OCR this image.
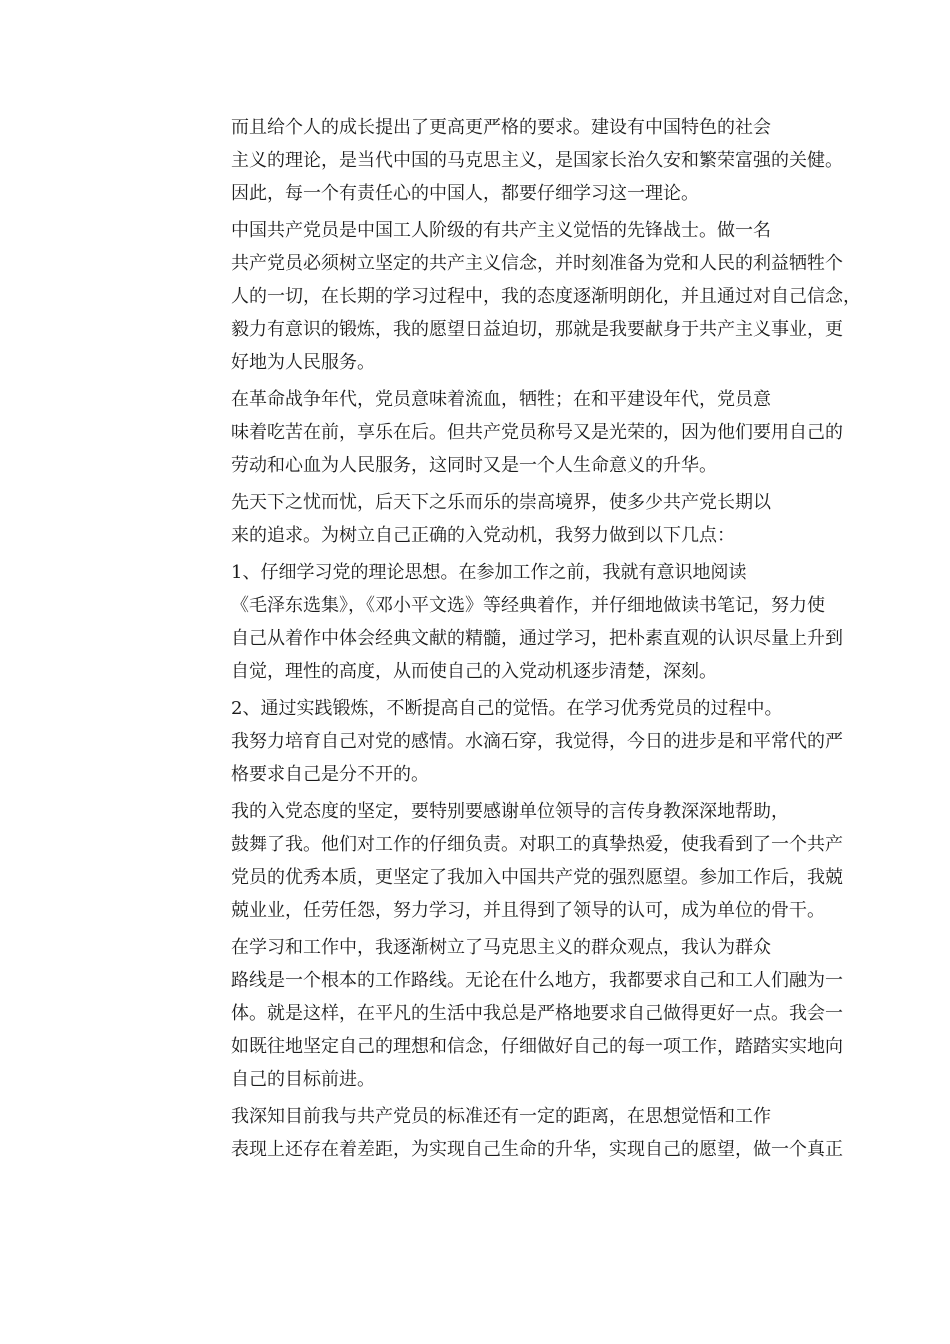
而且给个人的成长提出了更高更严格的要求。建设有中国特色的社会
主义的理论，是当代中国的马克思主义，是国家长治久安和繁荣富强的关健。
因此，每一个有责任心的中国人，都要仔细学习这一理论。
中国共产党员是中国工人阶级的有共产主义觉悟的先锋战士。做一名
共产党员必须树立坚定的共产主义信念，并时刻准备为党和人民的利益牺牲个
人的一切，在长期的学习过程中，我的态度逐渐明朗化，并且通过对自己信念，
毅力有意识的锻炼，我的愿望日益迫切，那就是我要献身于共产主义事业，更
好地为人民服务。
在革命战争年代，党员意味着流血，牺牲；在和平建设年代，党员意
味着吃苦在前，享乐在后。但共产党员称号又是光荣的，因为他们要用自己的
劳动和心血为人民服务，这同时又是一个人生命意义的升华。
先天下之忧而忧，后天下之乐而乐的崇高境界，使多少共产党长期以
来的追求。为树立自己正确的入党动机，我努力做到以下几点：
1、仔细学习党的理论思想。在参加工作之前，我就有意识地阅读
《毛泽东选集》，《邓小平文选》等经典着作，并仔细地做读书笔记，努力使
自己从着作中体会经典文献的精髓，通过学习，把朴素直观的认识尽量上升到
自觉，理性的高度，从而使自己的入党动机逐步清楚，深刻。
2、通过实践锻炼，不断提高自己的觉悟。在学习优秀党员的过程中。
我努力培育自己对党的感情。水滴石穿，我觉得，今日的进步是和平常代的严
格要求自己是分不开的。
我的入党态度的坚定，要特别要感谢单位领导的言传身教深深地帮助，
鼓舞了我。他们对工作的仔细负责。对职工的真挚热爱，使我看到了一个共产
党员的优秀本质，更坚定了我加入中国共产党的强烈愿望。参加工作后，我兢
兢业业，任劳任怨，努力学习，并且得到了领导的认可，成为单位的骨干。
在学习和工作中，我逐渐树立了马克思主义的群众观点，我认为群众
路线是一个根本的工作路线。无论在什么地方，我都要求自己和工人们融为一
体。就是这样，在平凡的生活中我总是严格地要求自己做得更好一点。我会一
如既往地坚定自己的理想和信念，仔细做好自己的每一项工作，踏踏实实地向
自己的目标前进。
我深知目前我与共产党员的标准还有一定的距离，在思想觉悟和工作
表现上还存在着差距，为实现自己生命的升华，实现自己的愿望，做一个真正
